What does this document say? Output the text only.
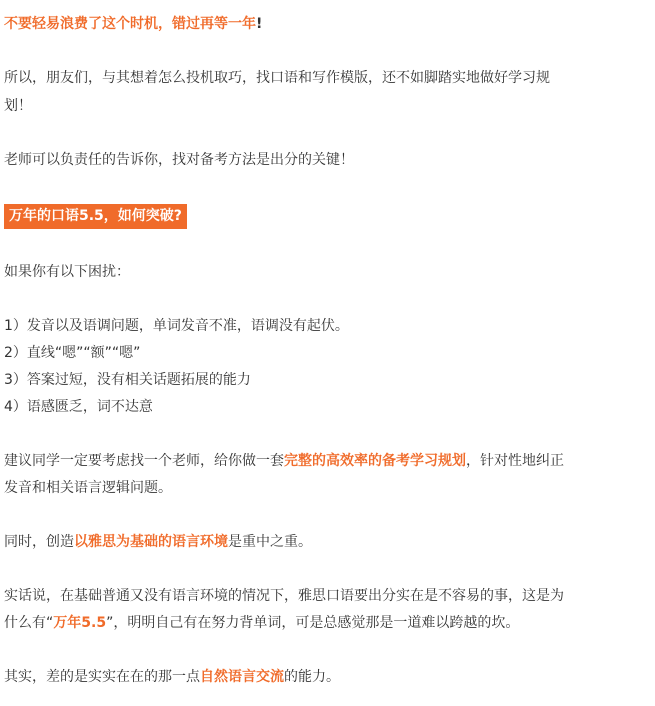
不要轻易浪费了这个时机，错过再等一年!
所以，朋友们，与其想着怎么投机取巧，找口语和写作模版，还不如脚踏实地做好学习规
划！
老师可以负责任的告诉你，找对备考方法是出分的关键！
万年的口语5.5，如何突破?
如果你有以下困扰：
1）发音以及语调问题，单词发音不准，语调没有起伏。
2）直线“嗯”“额”“嗯”
3）答案过短，没有相关话题拓展的能力
4）语感匮乏，词不达意
建议同学一定要考虑找一个老师，给你做一套完整的高效率的备考学习规划，针对性地纠正
发音和相关语言逻辑问题。
同时，创造以雅思为基础的语言环境是重中之重。
实话说，在基础普通又没有语言环境的情况下，雅思口语要出分实在是不容易的事，这是为
什么有“万年5.5”，明明自己有在努力背单词，可是总感觉那是一道难以跨越的坎。
其实，差的是实实在在的那一点自然语言交流的能力。
